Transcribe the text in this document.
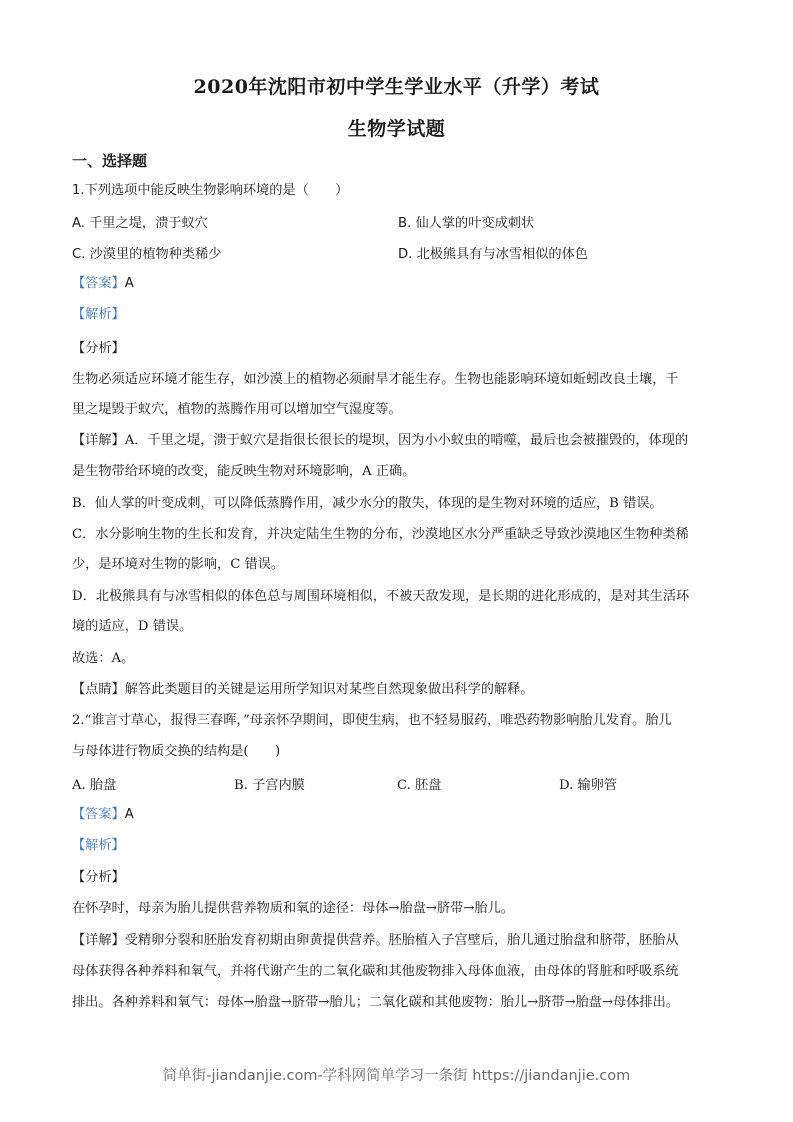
2020年沈阳市初中学生学业水平（升学）考试
生物学试题
一、选择题
1.下列选项中能反映生物影响环境的是（　　）
A. 千里之堤，溃于蚁穴	B. 仙人掌的叶变成刺状
C. 沙漠里的植物种类稀少	D. 北极熊具有与冰雪相似的体色
【答案】A
【解析】
【分析】
生物必须适应环境才能生存，如沙漠上的植物必须耐旱才能生存。生物也能影响环境如蚯蚓改良土壤，千
里之堤毁于蚁穴，植物的蒸腾作用可以增加空气湿度等。
【详解】A．千里之堤，溃于蚁穴是指很长很长的堤坝，因为小小蚁虫的啃噬，最后也会被摧毁的，体现的
是生物带给环境的改变，能反映生物对环境影响，A 正确。
B．仙人掌的叶变成刺，可以降低蒸腾作用，减少水分的散失，体现的是生物对环境的适应，B 错误。
C．水分影响生物的生长和发育，并决定陆生生物的分布，沙漠地区水分严重缺乏导致沙漠地区生物种类稀
少，是环境对生物的影响，C 错误。
D．北极熊具有与冰雪相似的体色总与周围环境相似，不被天敌发现，是长期的进化形成的，是对其生活环
境的适应，D 错误。
故选：A。
【点睛】解答此类题目的关键是运用所学知识对某些自然现象做出科学的解释。
2.“谁言寸草心，报得三春晖，”母亲怀孕期间，即使生病，也不轻易服药，唯恐药物影响胎儿发育。胎儿
与母体进行物质交换的结构是(　　)
A. 胎盘	B. 子宫内膜	C. 胚盘	D. 输卵管
【答案】A
【解析】
【分析】
在怀孕时，母亲为胎儿提供营养物质和氧的途径：母体→胎盘→脐带→胎儿。
【详解】受精卵分裂和胚胎发育初期由卵黄提供营养。胚胎植入子宫壁后，胎儿通过胎盘和脐带，胚胎从
母体获得各种养料和氧气，并将代谢产生的二氧化碳和其他废物排入母体血液，由母体的肾脏和呼吸系统
排出。各种养料和氧气：母体→胎盘→脐带→胎儿；二氧化碳和其他废物：胎儿→脐带→胎盘→母体排出。
简单街-jiandanjie.com-学科网简单学习一条街 https://jiandanjie.com
